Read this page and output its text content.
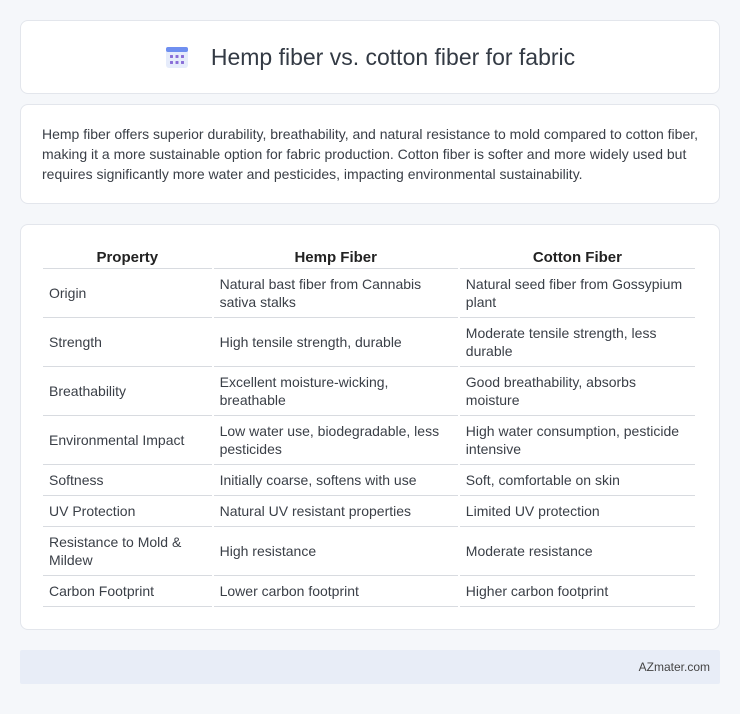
Hemp fiber vs. cotton fiber for fabric

Hemp fiber offers superior durability, breathability, and natural resistance to mold compared to cotton fiber, making it a more sustainable option for fabric production. Cotton fiber is softer and more widely used but requires significantly more water and pesticides, impacting environmental sustainability.

Property	Hemp Fiber	Cotton Fiber
Origin	Natural bast fiber from Cannabis sativa stalks	Natural seed fiber from Gossypium plant
Strength	High tensile strength, durable	Moderate tensile strength, less durable
Breathability	Excellent moisture-wicking, breathable	Good breathability, absorbs moisture
Environmental Impact	Low water use, biodegradable, less pesticides	High water consumption, pesticide intensive
Softness	Initially coarse, softens with use	Soft, comfortable on skin
UV Protection	Natural UV resistant properties	Limited UV protection
Resistance to Mold & Mildew	High resistance	Moderate resistance
Carbon Footprint	Lower carbon footprint	Higher carbon footprint
AZmater.com
